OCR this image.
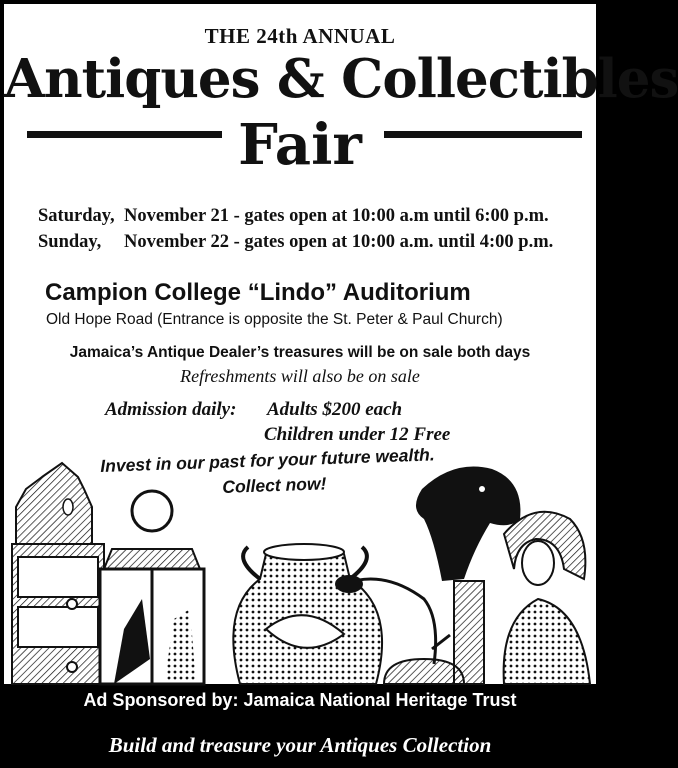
THE 24th ANNUAL
Antiques & Collectibles
Fair
Saturday, November 21 - gates open at 10:00 a.m until 6:00 p.m.
Sunday, November 22 - gates open at 10:00 a.m. until 4:00 p.m.
Campion College “Lindo” Auditorium
Old Hope Road (Entrance is opposite the St. Peter & Paul Church)
Jamaica’s Antique Dealer’s treasures will be on sale both days
Refreshments will also be on sale
Admission daily: Adults $200 each
Children under 12 Free
Invest in our past for your future wealth.
Collect now!
Ad Sponsored by: Jamaica National Heritage Trust
Build and treasure your Antiques Collection
